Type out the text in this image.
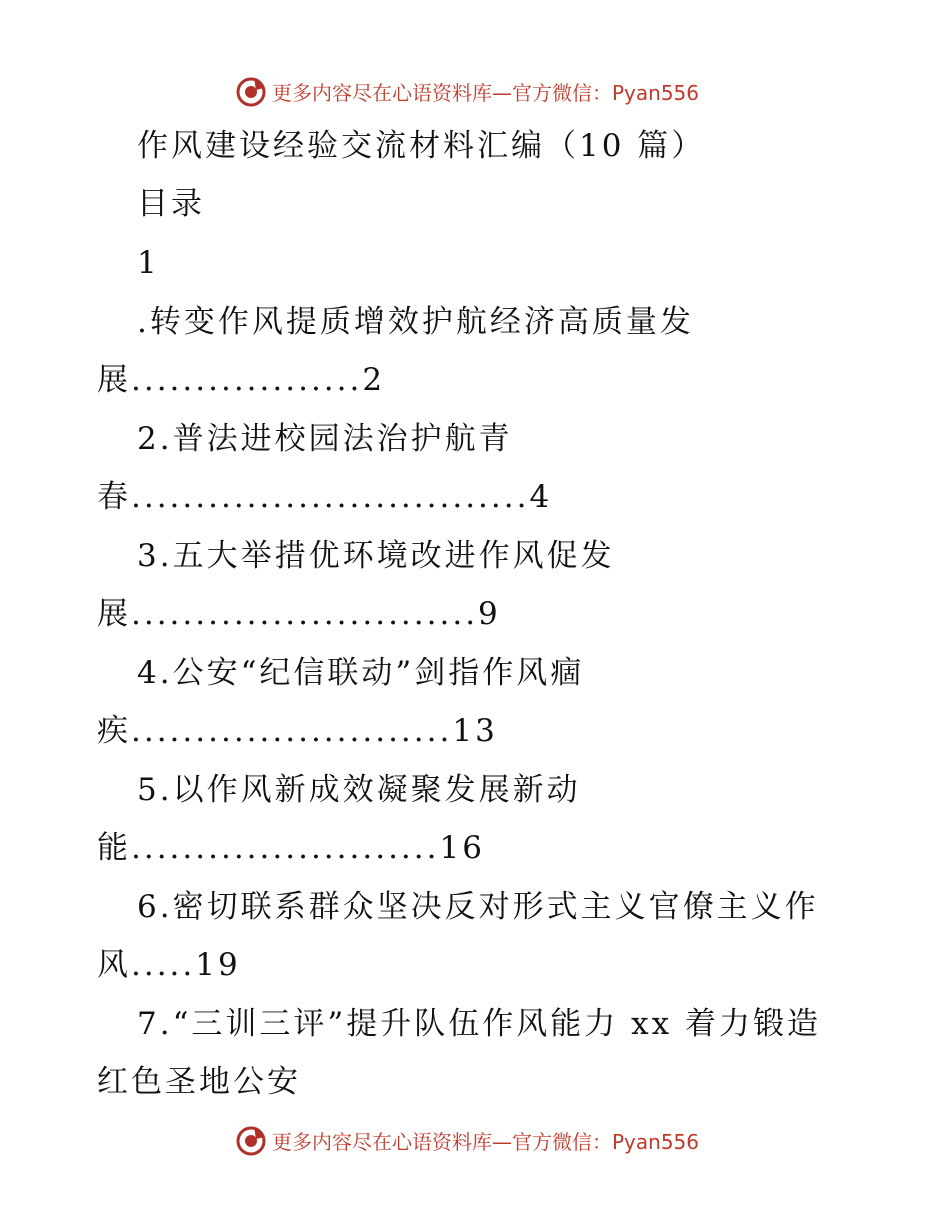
更多内容尽在心语资料库—官方微信：Pyan556
作风建设经验交流材料汇编（10 篇）
目录
1
.转变作风提质增效护航经济高质量发
展..................2
2.普法进校园法治护航青
春...............................4
3.五大举措优环境改进作风促发
展...........................9
4.公安“纪信联动”剑指作风痼
疾.........................13
5.以作风新成效凝聚发展新动
能........................16
6.密切联系群众坚决反对形式主义官僚主义作
风.....19
7.“三训三评”提升队伍作风能力 xx 着力锻造
红色圣地公安
更多内容尽在心语资料库—官方微信：Pyan556
